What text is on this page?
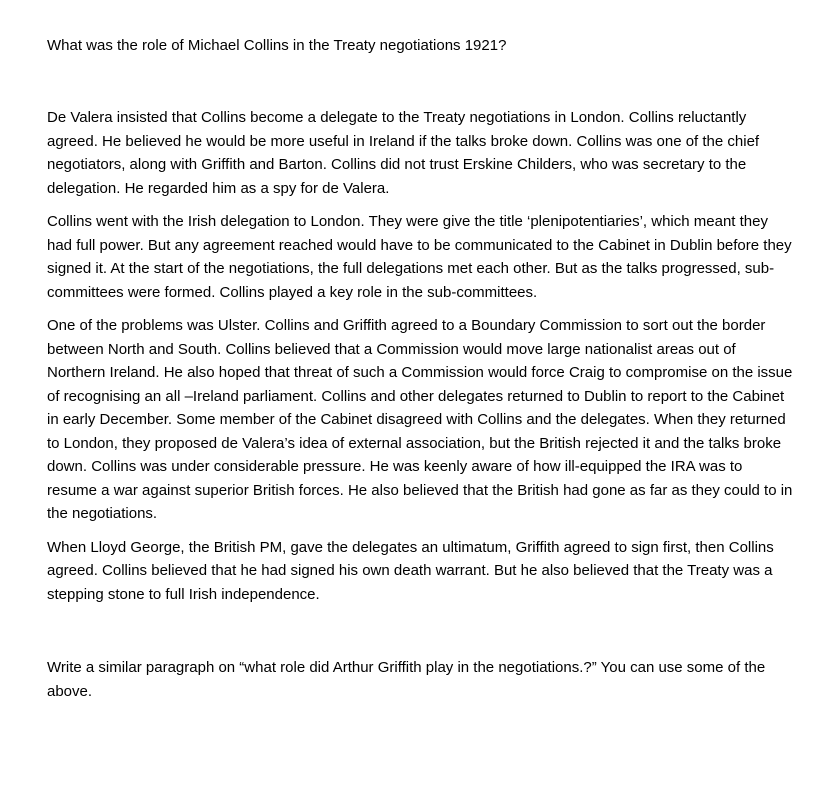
What was the role of Michael Collins in the Treaty negotiations 1921?

De Valera insisted that Collins become a delegate to the Treaty negotiations in London. Collins reluctantly agreed. He believed he would be more useful in Ireland if the talks broke down. Collins was one of the chief negotiators, along with Griffith and Barton. Collins did not trust Erskine Childers, who was secretary to the delegation. He regarded him as a spy for de Valera.

Collins went with the Irish delegation to London. They were give the title ‘plenipotentiaries’, which meant they had full power. But any agreement reached would have to be communicated to the Cabinet in Dublin before they signed it. At the start of the negotiations, the full delegations met each other. But as the talks progressed, sub-committees were formed. Collins played a key role in the sub-committees.

One of the problems was Ulster. Collins and Griffith agreed to a Boundary Commission to sort out the border between North and South. Collins believed that a Commission would move large nationalist areas out of Northern Ireland. He also hoped that threat of such a Commission would force Craig to compromise on the issue of recognising an all –Ireland parliament. Collins and other delegates returned to Dublin to report to the Cabinet in early December. Some member of the Cabinet disagreed with Collins and the delegates. When they returned to London, they proposed de Valera’s idea of external association, but the British rejected it and the talks broke down. Collins was under considerable pressure. He was keenly aware of how ill-equipped the IRA was to resume a war against superior British forces. He also believed that the British had gone as far as they could to in the negotiations.

When Lloyd George, the British PM, gave the delegates an ultimatum, Griffith agreed to sign first, then Collins agreed. Collins believed that he had signed his own death warrant. But he also believed that the Treaty was a stepping stone to full Irish independence.

Write a similar paragraph on “what role did Arthur Griffith play in the negotiations.?” You can use some of the above.
